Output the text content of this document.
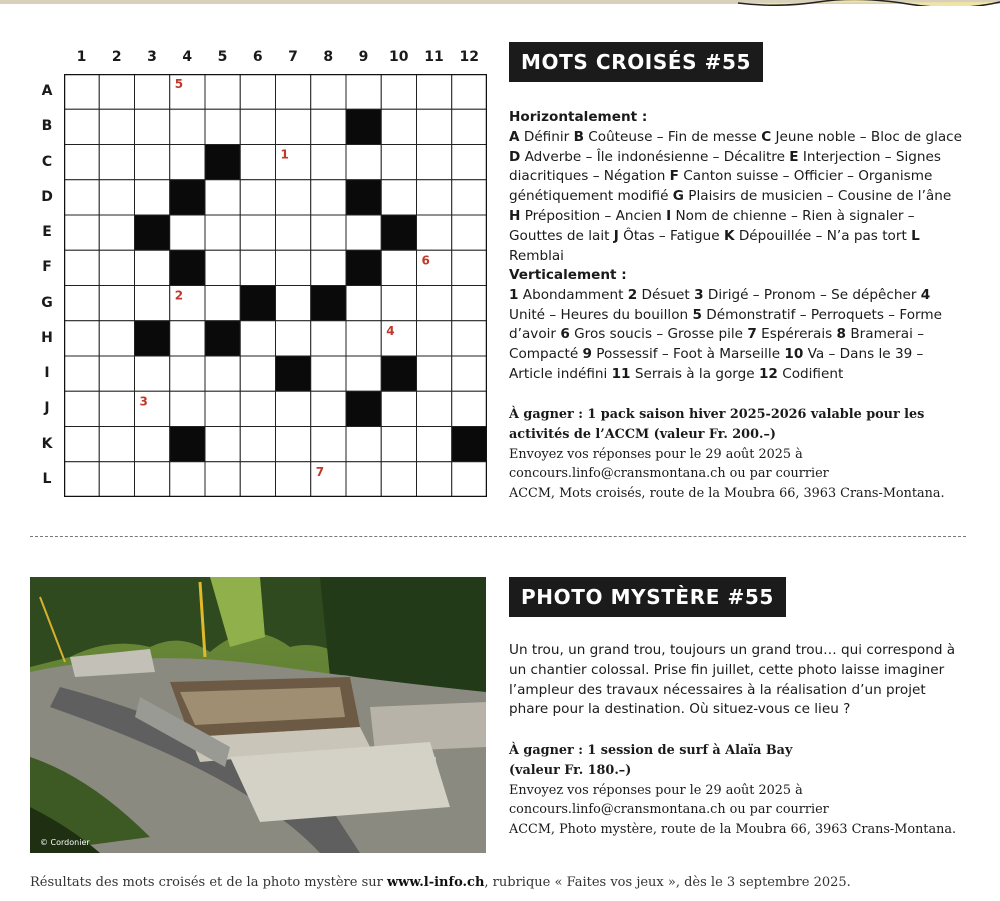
1	2	3	4	5	6	7	8	9	10	11	12
A
B
C
D
E
F
G
H
I
J
K
L
5
1
6
2
4
3
7
MOTS CROISÉS #55
Horizontalement :
A Définir B Coûteuse – Fin de messe C Jeune noble – Bloc de glace D Adverbe – Île indonésienne – Décalitre E Interjection – Signes diacritiques – Négation F Canton suisse – Officier – Organisme génétiquement modifié G Plaisirs de musicien – Cousine de l’âne H Préposition – Ancien I Nom de chienne – Rien à signaler – Gouttes de lait J Ôtas – Fatigue K Dépouillée – N’a pas tort L Remblai
Verticalement :
1 Abondamment 2 Désuet 3 Dirigé – Pronom – Se dépêcher 4 Unité – Heures du bouillon 5 Démonstratif – Perroquets – Forme d’avoir 6 Gros soucis – Grosse pile 7 Espérerais 8 Bramerai – Compacté 9 Possessif – Foot à Marseille 10 Va – Dans le 39 – Article indéfini 11 Serrais à la gorge 12 Codifient
À gagner : 1 pack saison hiver 2025-2026 valable pour les activités de l’ACCM (valeur Fr. 200.–)
Envoyez vos réponses pour le 29 août 2025 à
concours.linfo@cransmontana.ch ou par courrier
ACCM, Mots croisés, route de la Moubra 66, 3963 Crans-Montana.
© Cordonier
PHOTO MYSTÈRE #55
Un trou, un grand trou, toujours un grand trou… qui correspond à un chantier colossal. Prise fin juillet, cette photo laisse imaginer l’ampleur des travaux nécessaires à la réalisation d’un projet phare pour la destination. Où situez-vous ce lieu ?
À gagner : 1 session de surf à Alaïa Bay
(valeur Fr. 180.–)
Envoyez vos réponses pour le 29 août 2025 à
concours.linfo@cransmontana.ch ou par courrier
ACCM, Photo mystère, route de la Moubra 66, 3963 Crans-Montana.
Résultats des mots croisés et de la photo mystère sur www.l-info.ch, rubrique « Faites vos jeux », dès le 3 septembre 2025.
